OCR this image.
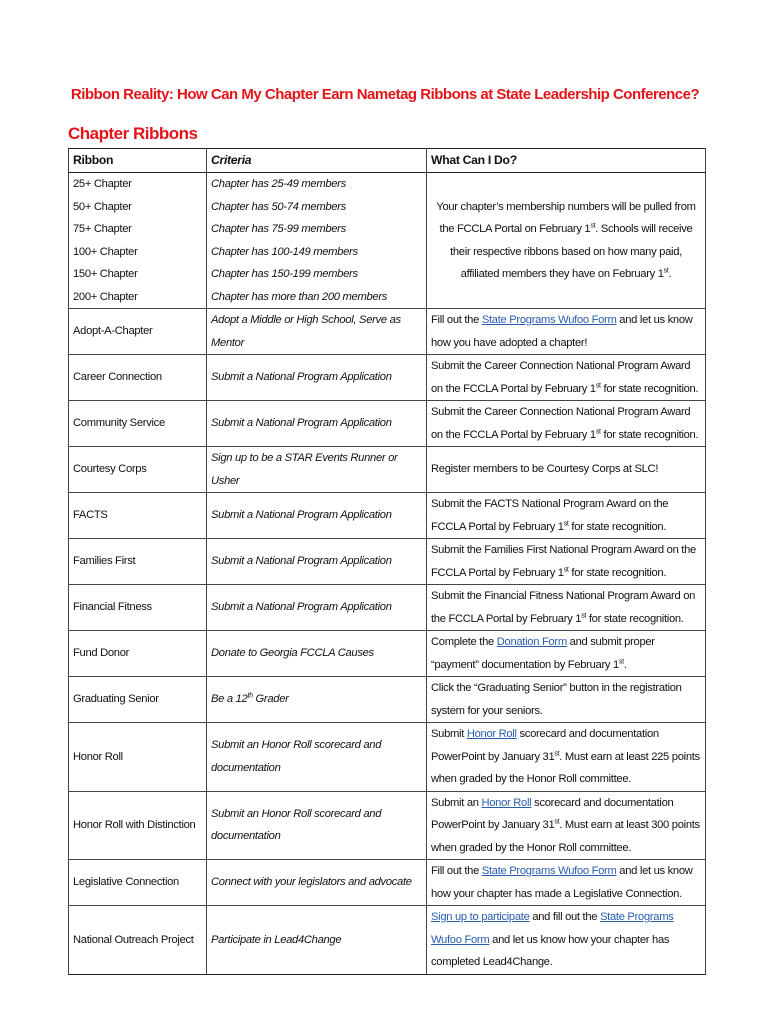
Ribbon Reality: How Can My Chapter Earn Nametag Ribbons at State Leadership Conference?
Chapter Ribbons
Ribbon	Criteria	What Can I Do?
25+ Chapter	Chapter has 25-49 members	Your chapter’s membership numbers will be pulled from the FCCLA Portal on February 1st. Schools will receive their respective ribbons based on how many paid, affiliated members they have on February 1st.
50+ Chapter	Chapter has 50-74 members	
75+ Chapter	Chapter has 75-99 members	
100+ Chapter	Chapter has 100-149 members	
150+ Chapter	Chapter has 150-199 members	
200+ Chapter	Chapter has more than 200 members	
Adopt-A-Chapter	Adopt a Middle or High School, Serve as Mentor	Fill out the State Programs Wufoo Form and let us know how you have adopted a chapter!
Career Connection	Submit a National Program Application	Submit the Career Connection National Program Award on the FCCLA Portal by February 1st for state recognition.
Community Service	Submit a National Program Application	Submit the Career Connection National Program Award on the FCCLA Portal by February 1st for state recognition.
Courtesy Corps	Sign up to be a STAR Events Runner or Usher	Register members to be Courtesy Corps at SLC!
FACTS	Submit a National Program Application	Submit the FACTS National Program Award on the FCCLA Portal by February 1st for state recognition.
Families First	Submit a National Program Application	Submit the Families First National Program Award on the FCCLA Portal by February 1st for state recognition.
Financial Fitness	Submit a National Program Application	Submit the Financial Fitness National Program Award on the FCCLA Portal by February 1st for state recognition.
Fund Donor	Donate to Georgia FCCLA Causes	Complete the Donation Form and submit proper “payment” documentation by February 1st.
Graduating Senior	Be a 12th Grader	Click the “Graduating Senior” button in the registration system for your seniors.
Honor Roll	Submit an Honor Roll scorecard and documentation	Submit Honor Roll scorecard and documentation PowerPoint by January 31st. Must earn at least 225 points when graded by the Honor Roll committee.
Honor Roll with Distinction	Submit an Honor Roll scorecard and documentation	Submit an Honor Roll scorecard and documentation PowerPoint by January 31st. Must earn at least 300 points when graded by the Honor Roll committee.
Legislative Connection	Connect with your legislators and advocate	Fill out the State Programs Wufoo Form and let us know how your chapter has made a Legislative Connection.
National Outreach Project	Participate in Lead4Change	Sign up to participate and fill out the State Programs Wufoo Form and let us know how your chapter has completed Lead4Change.
